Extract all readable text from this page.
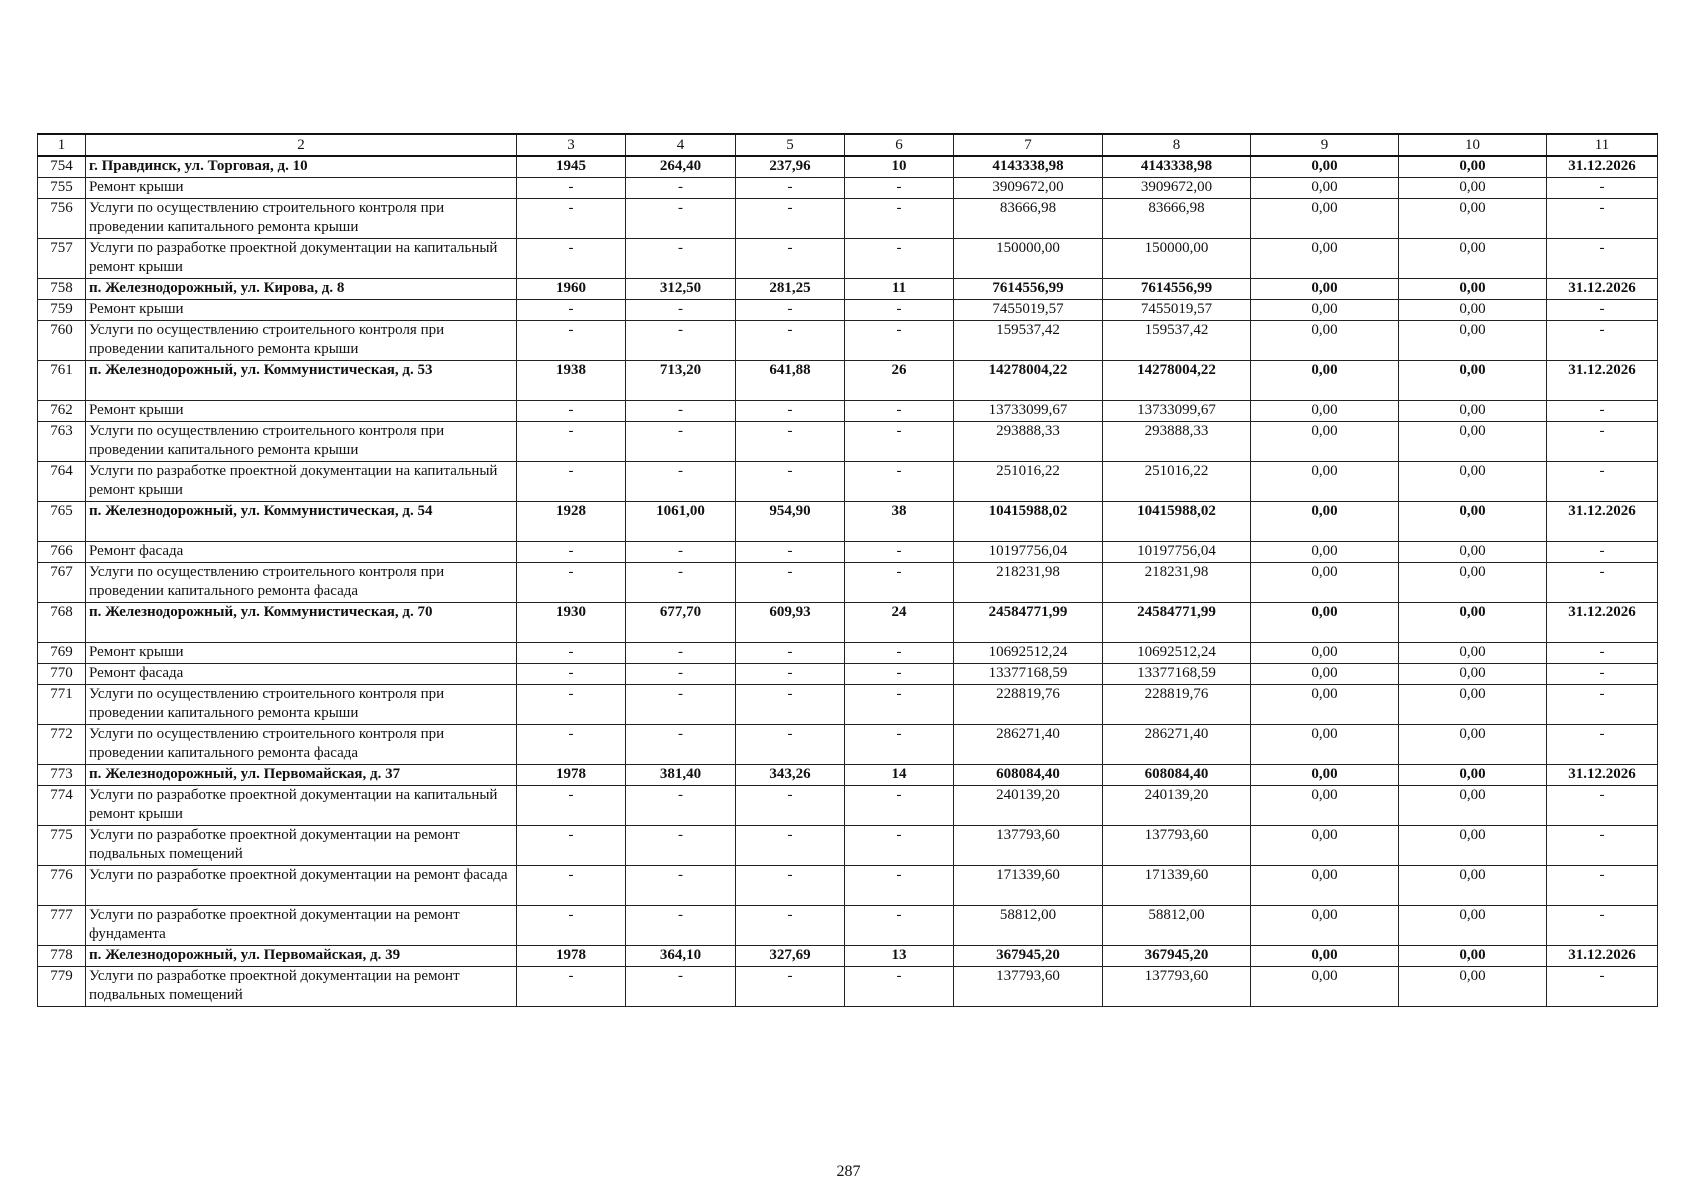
1	2	3	4	5	6	7	8	9	10	11
754	г. Правдинск, ул. Торговая, д. 10	1945	264,40	237,96	10	4143338,98	4143338,98	0,00	0,00	31.12.2026
755	Ремонт крыши	-	-	-	-	3909672,00	3909672,00	0,00	0,00	-
756	Услуги по осуществлению строительного контроля при проведении капитального ремонта крыши	-	-	-	-	83666,98	83666,98	0,00	0,00	-
757	Услуги по разработке проектной документации на капитальный ремонт крыши	-	-	-	-	150000,00	150000,00	0,00	0,00	-
758	п. Железнодорожный, ул. Кирова, д. 8	1960	312,50	281,25	11	7614556,99	7614556,99	0,00	0,00	31.12.2026
759	Ремонт крыши	-	-	-	-	7455019,57	7455019,57	0,00	0,00	-
760	Услуги по осуществлению строительного контроля при проведении капитального ремонта крыши	-	-	-	-	159537,42	159537,42	0,00	0,00	-
761	п. Железнодорожный, ул. Коммунистическая, д. 53	1938	713,20	641,88	26	14278004,22	14278004,22	0,00	0,00	31.12.2026
762	Ремонт крыши	-	-	-	-	13733099,67	13733099,67	0,00	0,00	-
763	Услуги по осуществлению строительного контроля при проведении капитального ремонта крыши	-	-	-	-	293888,33	293888,33	0,00	0,00	-
764	Услуги по разработке проектной документации на капитальный ремонт крыши	-	-	-	-	251016,22	251016,22	0,00	0,00	-
765	п. Железнодорожный, ул. Коммунистическая, д. 54	1928	1061,00	954,90	38	10415988,02	10415988,02	0,00	0,00	31.12.2026
766	Ремонт фасада	-	-	-	-	10197756,04	10197756,04	0,00	0,00	-
767	Услуги по осуществлению строительного контроля при проведении капитального ремонта фасада	-	-	-	-	218231,98	218231,98	0,00	0,00	-
768	п. Железнодорожный, ул. Коммунистическая, д. 70	1930	677,70	609,93	24	24584771,99	24584771,99	0,00	0,00	31.12.2026
769	Ремонт крыши	-	-	-	-	10692512,24	10692512,24	0,00	0,00	-
770	Ремонт фасада	-	-	-	-	13377168,59	13377168,59	0,00	0,00	-
771	Услуги по осуществлению строительного контроля при проведении капитального ремонта крыши	-	-	-	-	228819,76	228819,76	0,00	0,00	-
772	Услуги по осуществлению строительного контроля при проведении капитального ремонта фасада	-	-	-	-	286271,40	286271,40	0,00	0,00	-
773	п. Железнодорожный, ул. Первомайская, д. 37	1978	381,40	343,26	14	608084,40	608084,40	0,00	0,00	31.12.2026
774	Услуги по разработке проектной документации на капитальный ремонт крыши	-	-	-	-	240139,20	240139,20	0,00	0,00	-
775	Услуги по разработке проектной документации на ремонт подвальных помещений	-	-	-	-	137793,60	137793,60	0,00	0,00	-
776	Услуги по разработке проектной документации на ремонт фасада	-	-	-	-	171339,60	171339,60	0,00	0,00	-
777	Услуги по разработке проектной документации на ремонт фундамента	-	-	-	-	58812,00	58812,00	0,00	0,00	-
778	п. Железнодорожный, ул. Первомайская, д. 39	1978	364,10	327,69	13	367945,20	367945,20	0,00	0,00	31.12.2026
779	Услуги по разработке проектной документации на ремонт подвальных помещений	-	-	-	-	137793,60	137793,60	0,00	0,00	-
287
